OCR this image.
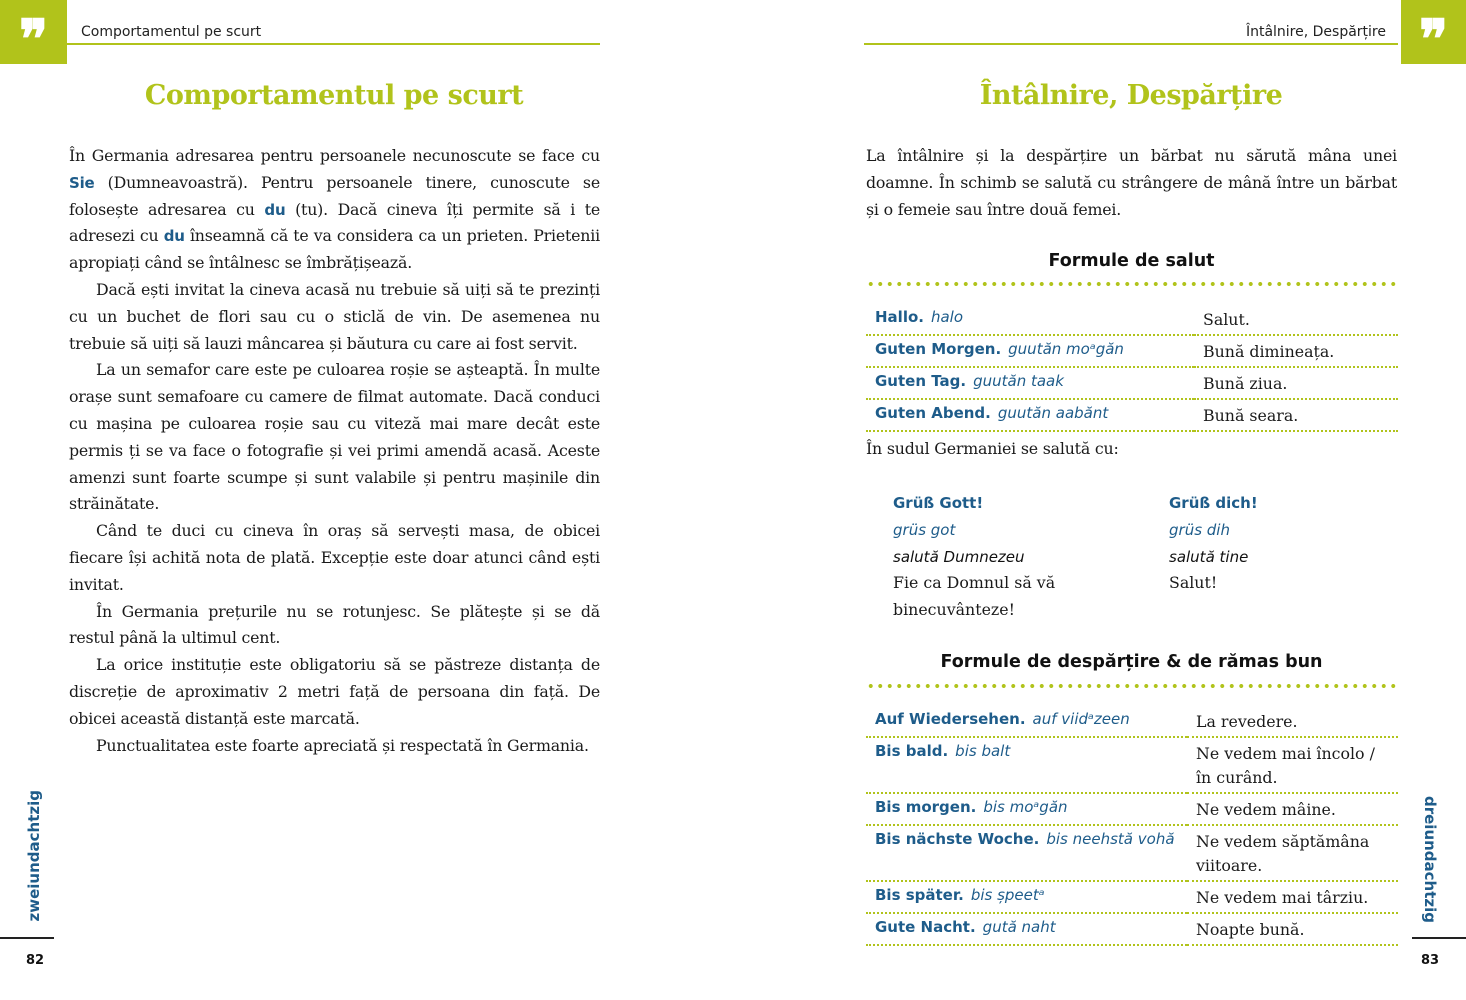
❞	Comportamentul pe scurt
Comportamentul pe scurt

În Germania adresarea pentru persoanele necunoscute se face cu Sie (Dumneavoastră). Pentru persoanele tinere, cunoscute se folosește adresarea cu du (tu). Dacă cineva îți permite să i te adresezi cu du înseamnă că te va considera ca un prieten. Prietenii apropiați când se întâlnesc se îmbrățișează.

Dacă ești invitat la cineva acasă nu trebuie să uiți să te prezinți cu un buchet de flori sau cu o sticlă de vin. De asemenea nu trebuie să uiți să lauzi mâncarea și băutura cu care ai fost servit.

La un semafor care este pe culoarea roșie se așteaptă. În multe orașe sunt semafoare cu camere de filmat automate. Dacă conduci cu mașina pe culoarea roșie sau cu viteză mai mare decât este permis ți se va face o fotografie și vei primi amendă acasă. Aceste amenzi sunt foarte scumpe și sunt valabile și pentru mașinile din străinătate.

Când te duci cu cineva în oraș să servești masa, de obicei fiecare își achită nota de plată. Excepție este doar atunci când ești invitat.

În Germania prețurile nu se rotunjesc. Se plătește și se dă restul până la ultimul cent.

La orice instituție este obligatoriu să se păstreze distanța de discreție de aproximativ 2 metri față de persoana din față. De obicei această distanță este marcată.

Punctualitatea este foarte apreciată și respectată în Germania.

zweiundachtzig
82
Întâlnire, Despărțire ❞
Întâlnire, Despărțire

La întâlnire și la despărțire un bărbat nu sărută mâna unei doamne. În schimb se salută cu strângere de mână între un bărbat și o femeie sau între două femei.

Formule de salut
Hallo. halo	Salut.
Guten Morgen. guutăn moᵃgăn	Bună dimineața.
Guten Tag. guutăn taak	Bună ziua.
Guten Abend. guutăn aabănt	Bună seara.

În sudul Germaniei se salută cu:

Grüß Gott!
grüs got
salută Dumnezeu
Fie ca Domnul să vă binecuvânteze!
Grüß dich!
grüs dih
salută tine
Salut!
Formule de despărțire & de rămas bun
Auf Wiedersehen. auf viidᵃzeen	La revedere.
Bis bald. bis balt	Ne vedem mai încolo / în curând.
Bis morgen. bis moᵃgăn	Ne vedem mâine.
Bis nächste Woche. bis neehstă vohă	Ne vedem săptămâna viitoare.
Bis später. bis șpeetᵃ	Ne vedem mai târziu.
Gute Nacht. gută naht	Noapte bună.
dreiundachtzig
83
